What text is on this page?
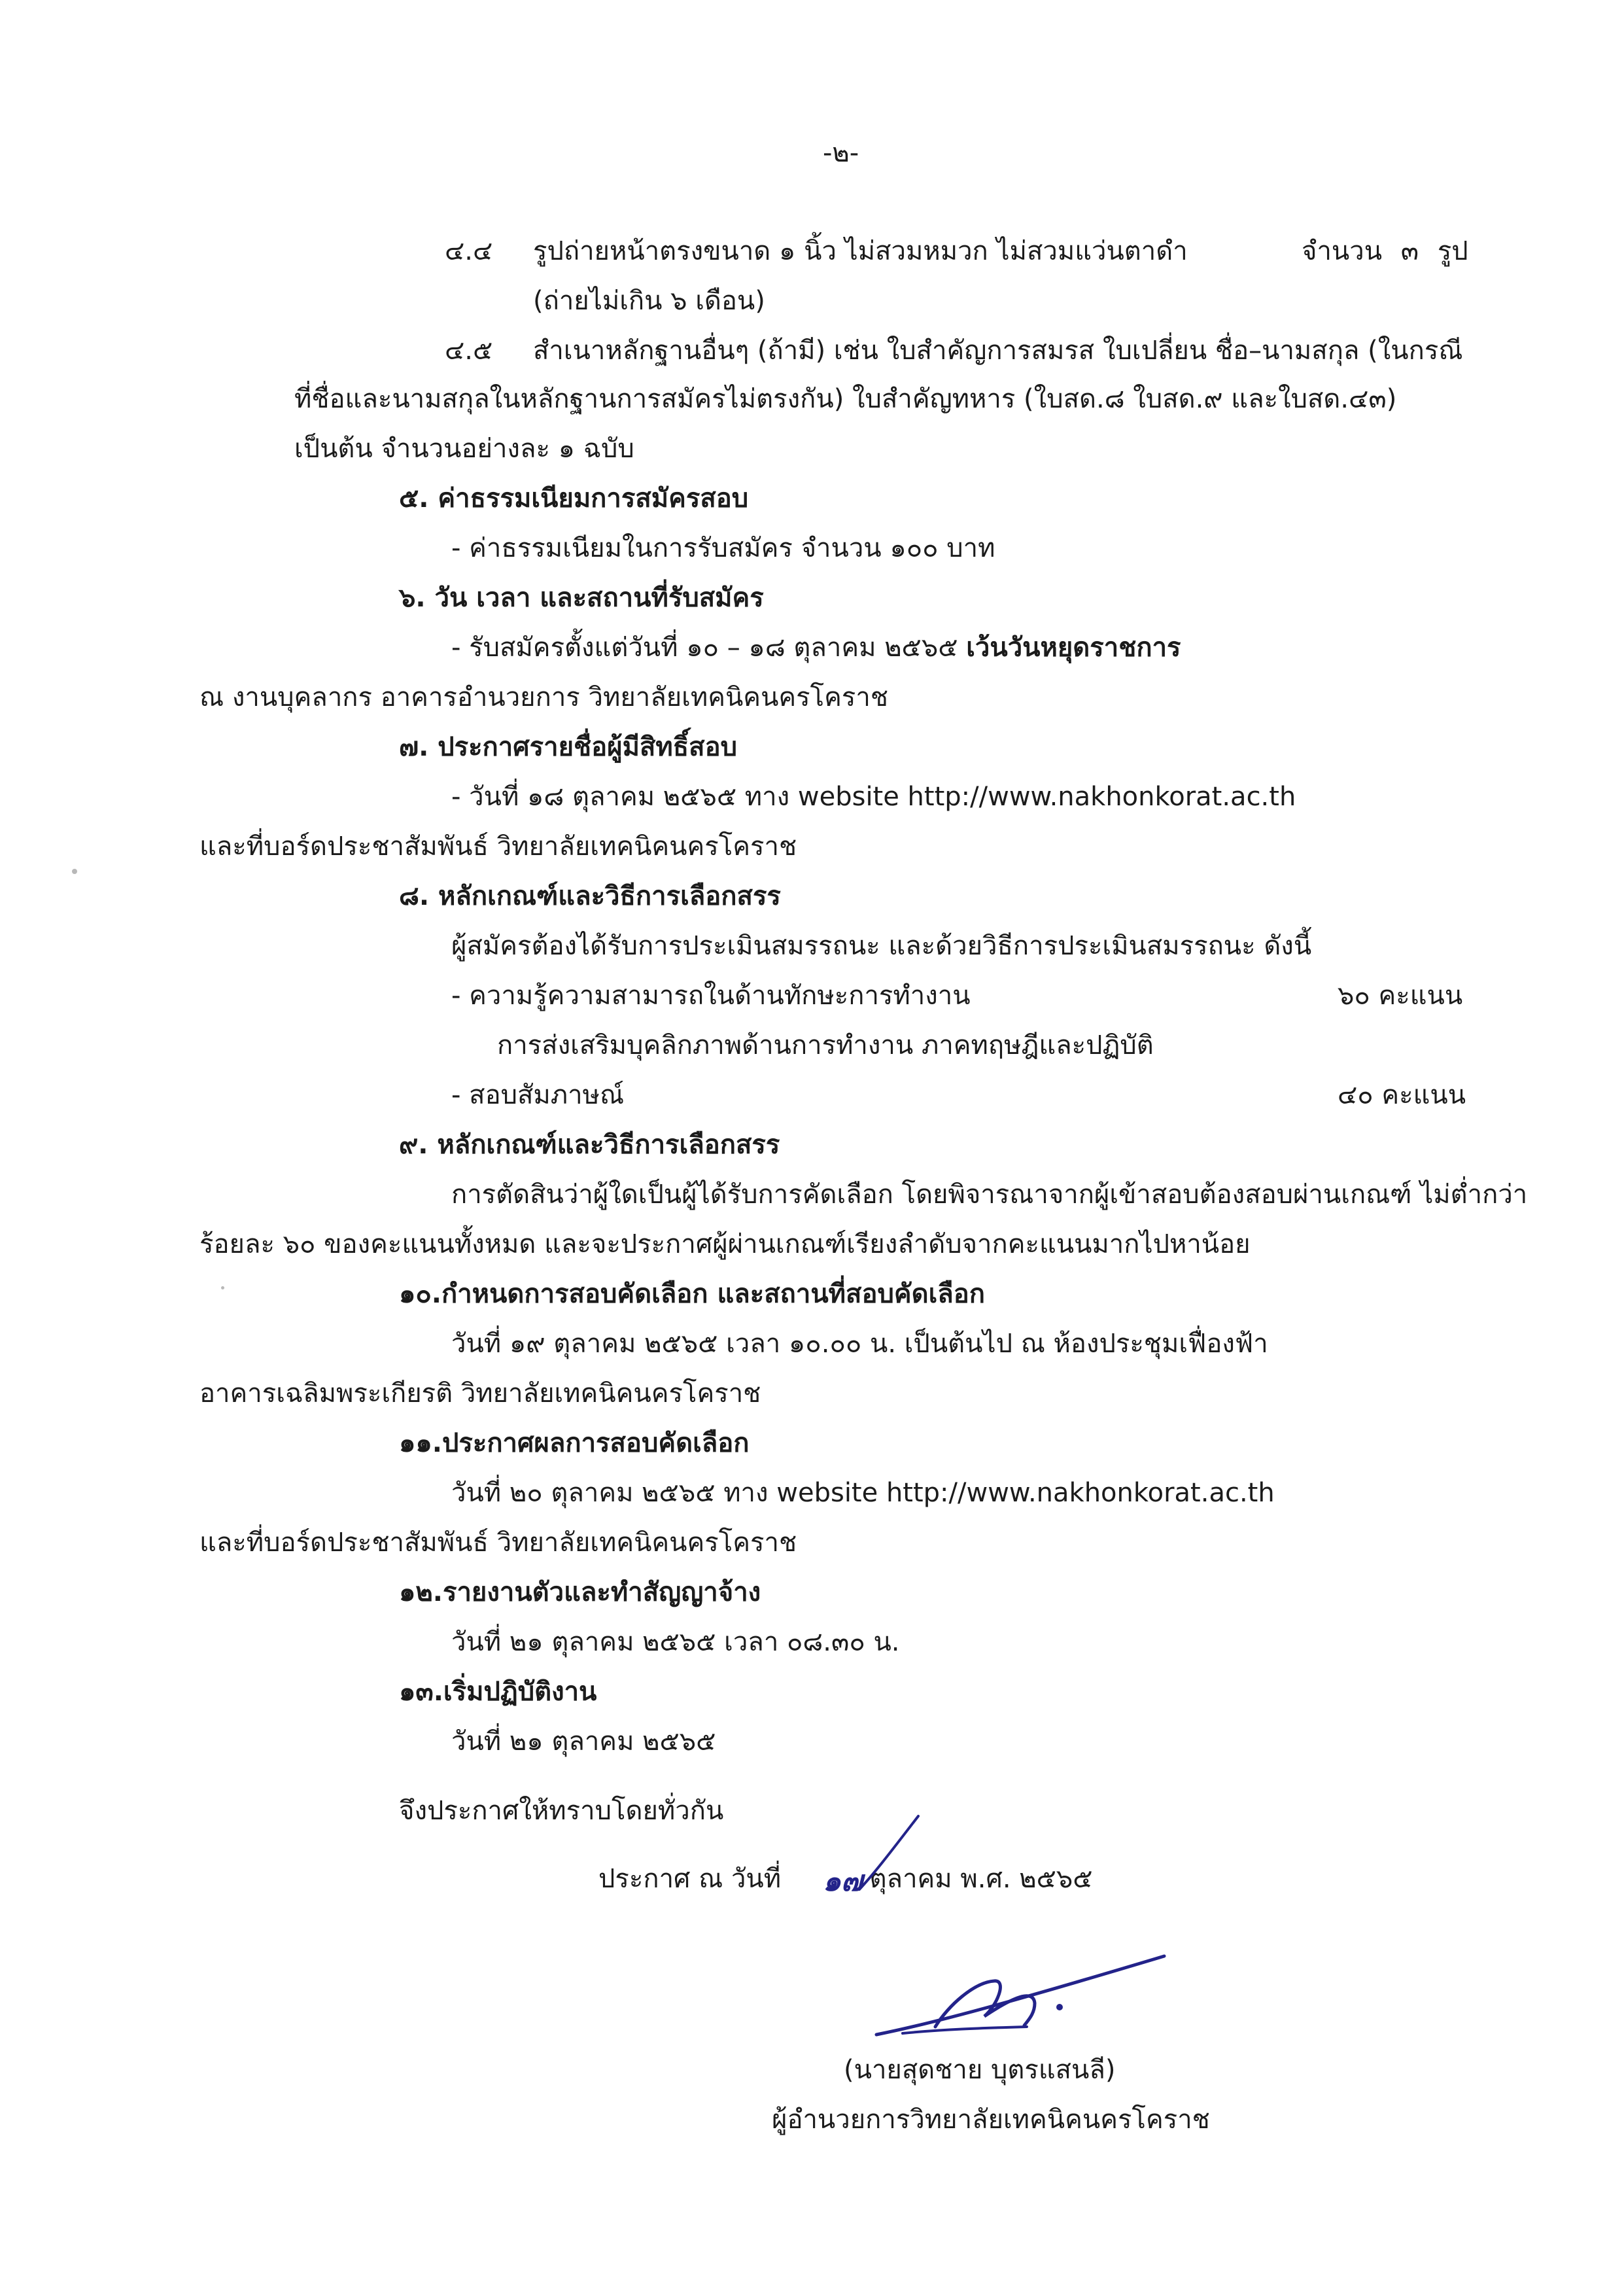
-๒-
๔.๔ รูปถ่ายหน้าตรงขนาด ๑ นิ้ว ไม่สวมหมวก ไม่สวมแว่นตาดำ	จำนวน ๓ รูป
(ถ่ายไม่เกิน ๖ เดือน)
๔.๕ สำเนาหลักฐานอื่นๆ (ถ้ามี) เช่น ใบสำคัญการสมรส ใบเปลี่ยน ชื่อ–นามสกุล (ในกรณี
ที่ชื่อและนามสกุลในหลักฐานการสมัครไม่ตรงกัน) ใบสำคัญทหาร (ใบสด.๘ ใบสด.๙ และใบสด.๔๓)
เป็นต้น จำนวนอย่างละ ๑ ฉบับ
๕. ค่าธรรมเนียมการสมัครสอบ
- ค่าธรรมเนียมในการรับสมัคร จำนวน ๑๐๐ บาท
๖. วัน เวลา และสถานที่รับสมัคร
- รับสมัครตั้งแต่วันที่ ๑๐ – ๑๘ ตุลาคม ๒๕๖๕ เว้นวันหยุดราชการ
ณ งานบุคลากร อาคารอำนวยการ วิทยาลัยเทคนิคนครโคราช
๗. ประกาศรายชื่อผู้มีสิทธิ์สอบ
- วันที่ ๑๘ ตุลาคม ๒๕๖๕ ทาง website http://www.nakhonkorat.ac.th
และที่บอร์ดประชาสัมพันธ์ วิทยาลัยเทคนิคนครโคราช
๘. หลักเกณฑ์และวิธีการเลือกสรร
ผู้สมัครต้องได้รับการประเมินสมรรถนะ และด้วยวิธีการประเมินสมรรถนะ ดังนี้
- ความรู้ความสามารถในด้านทักษะการทำงาน	๖๐ คะแนน
การส่งเสริมบุคลิกภาพด้านการทำงาน ภาคทฤษฎีและปฏิบัติ
- สอบสัมภาษณ์	๔๐ คะแนน
๙. หลักเกณฑ์และวิธีการเลือกสรร
การตัดสินว่าผู้ใดเป็นผู้ได้รับการคัดเลือก โดยพิจารณาจากผู้เข้าสอบต้องสอบผ่านเกณฑ์ ไม่ต่ำกว่า
ร้อยละ ๖๐ ของคะแนนทั้งหมด และจะประกาศผู้ผ่านเกณฑ์เรียงลำดับจากคะแนนมากไปหาน้อย
๑๐.กำหนดการสอบคัดเลือก และสถานที่สอบคัดเลือก
วันที่ ๑๙ ตุลาคม ๒๕๖๕ เวลา ๑๐.๐๐ น. เป็นต้นไป ณ ห้องประชุมเฟื่องฟ้า
อาคารเฉลิมพระเกียรติ วิทยาลัยเทคนิคนครโคราช
๑๑.ประกาศผลการสอบคัดเลือก
วันที่ ๒๐ ตุลาคม ๒๕๖๕ ทาง website http://www.nakhonkorat.ac.th
และที่บอร์ดประชาสัมพันธ์ วิทยาลัยเทคนิคนครโคราช
๑๒.รายงานตัวและทำสัญญาจ้าง
วันที่ ๒๑ ตุลาคม ๒๕๖๕ เวลา ๐๘.๓๐ น.
๑๓.เริ่มปฏิบัติงาน
วันที่ ๒๑ ตุลาคม ๒๕๖๕
จึงประกาศให้ทราบโดยทั่วกัน
ประกาศ ณ วันที่	ตุลาคม พ.ศ. ๒๕๖๕
๑๗
(นายสุดชาย บุตรแสนลี)
ผู้อำนวยการวิทยาลัยเทคนิคนครโคราช
